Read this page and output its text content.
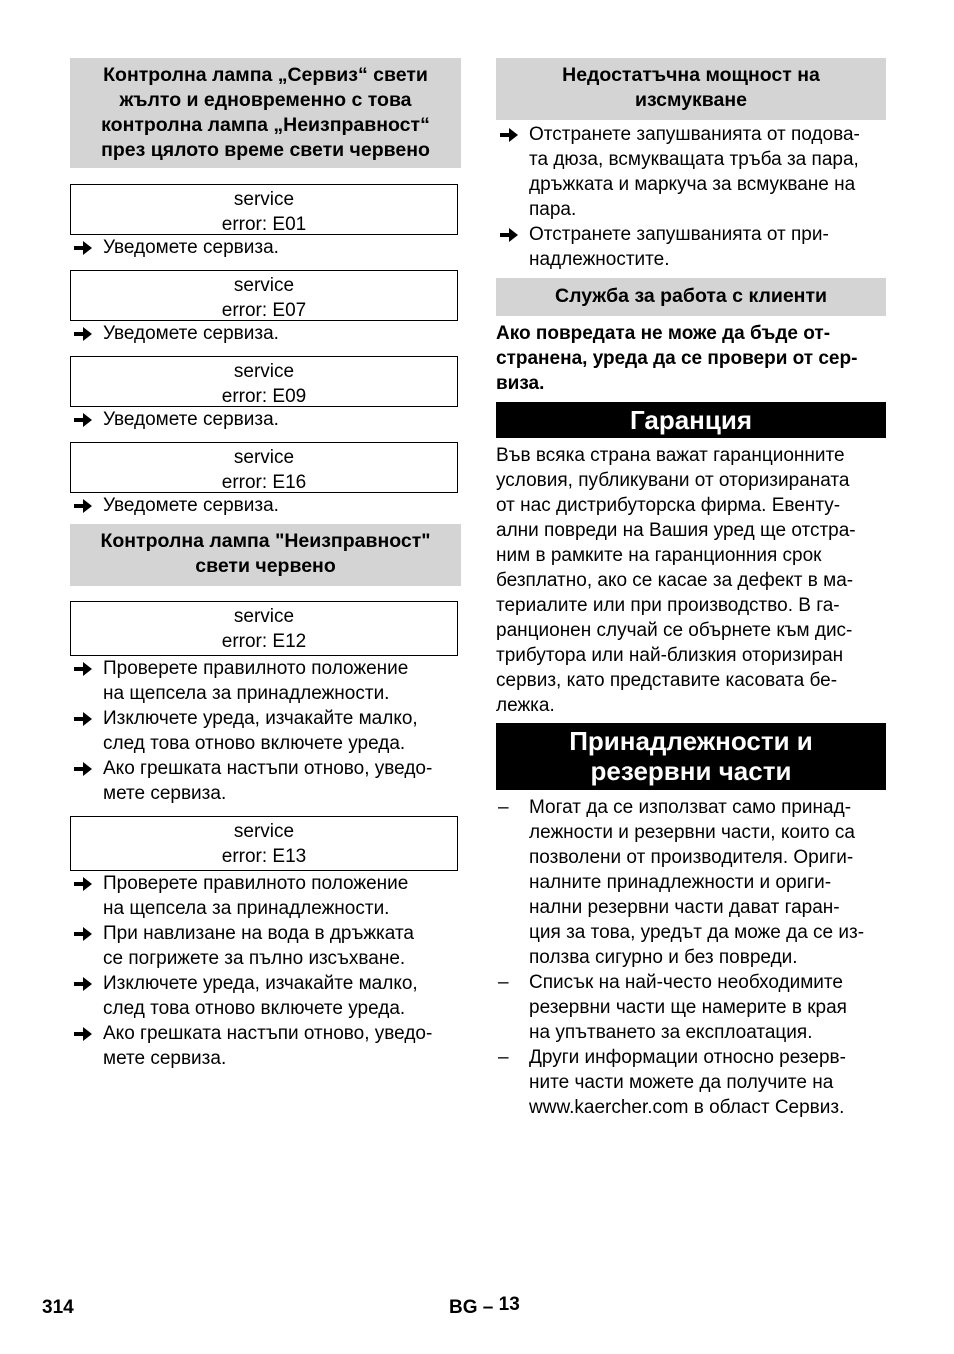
Контролна лампа „Сервиз“ свети
жълто и едновременно с това
контролна лампа „Неизправност“
през цялото време свети червено
service
error: E01
Уведомете сервиза.
service
error: E07
Уведомете сервиза.
service
error: E09
Уведомете сервиза.
service
error: E16
Уведомете сервиза.
Контролна лампа "Неизправност"
свети червено
service
error: E12
Проверете правилното положение
на щепсела за принадлежности.
Изключете уреда, изчакайте малко,
след това отново включете уреда.
Ако грешката настъпи отново, уведо-
мете сервиза.
service
error: E13
Проверете правилното положение
на щепсела за принадлежности.
При навлизане на вода в дръжката
се погрижете за пълно изсъхване.
Изключете уреда, изчакайте малко,
след това отново включете уреда.
Ако грешката настъпи отново, уведо-
мете сервиза.
Недостатъчна мощност на
изсмукване
Отстранете запушванията от подова-
та дюза, всмукващата тръба за пара,
дръжката и маркуча за всмукване на
пара.
Отстранете запушванията от при-
надлежностите.
Служба за работа с клиенти
Ако повредата не може да бъде от-
странена, уреда да се провери от сер-
виза.
Гаранция
Във всяка страна важат гаранционните
условия, публикувани от оторизираната
от нас дистрибуторска фирма. Евенту-
ални повреди на Вашия уред ще отстра-
ним в рамките на гаранционния срок
безплатно, ако се касае за дефект в ма-
териалите или при производство. В га-
ранционен случай се обърнете към дис-
трибутора или най-близкия оторизиран
сервиз, като представите касовата бе-
лежка.
Принадлежности и
резервни части
– Могат да се използват само принад-
лежности и резервни части, които са
позволени от производителя. Ориги-
налните принадлежности и ориги-
нални резервни части дават гаран-
ция за това, уредът да може да се из-
ползва сигурно и без повреди.
– Списък на най-често необходимите
резервни части ще намерите в края
на упътването за експлоатация.
– Други информации относно резерв-
ните части можете да получите на
www.kaercher.com в област Сервиз.
314	BG – 13
